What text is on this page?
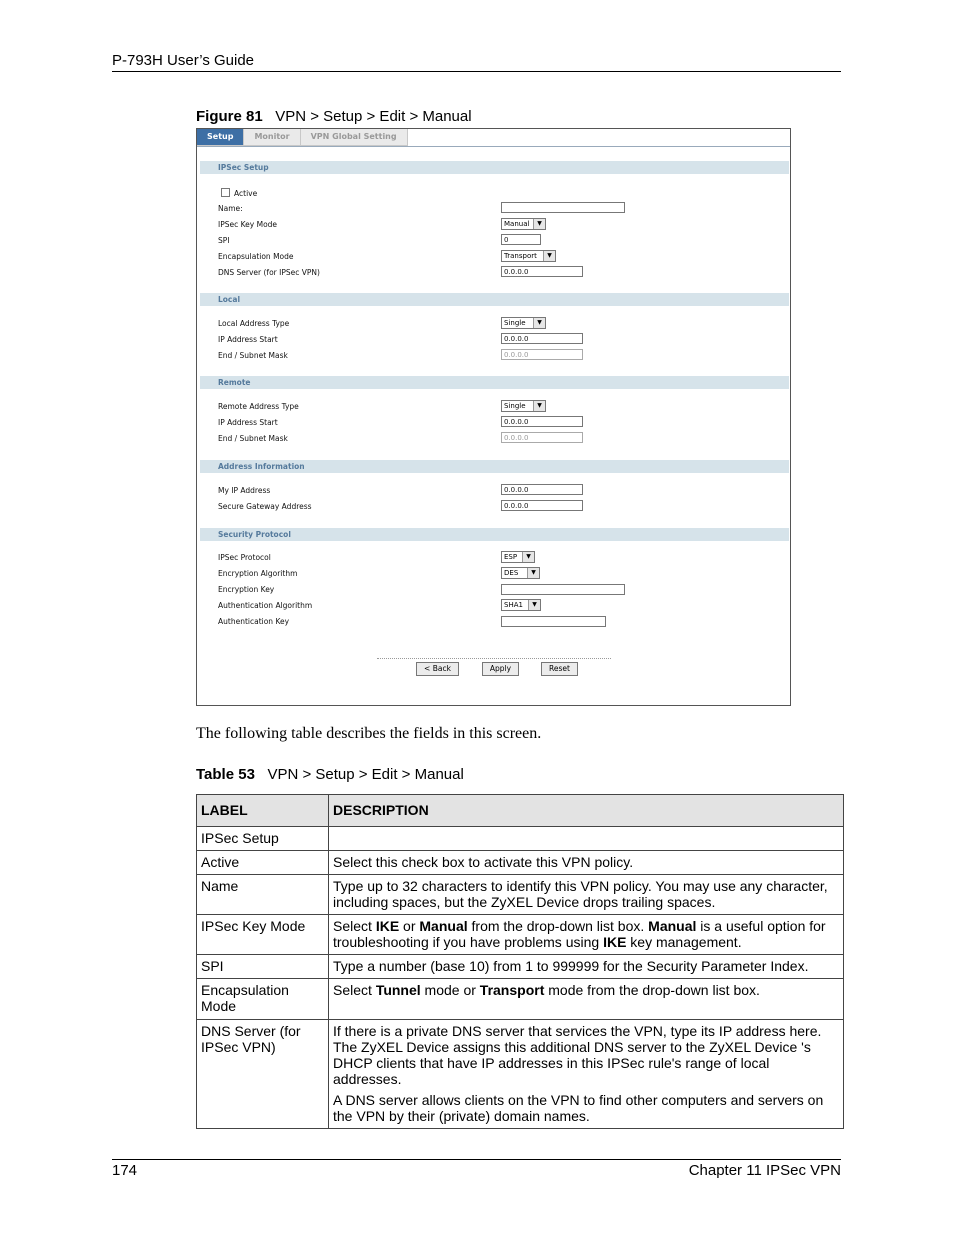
P-793H User’s Guide
Figure 81 VPN > Setup > Edit > Manual
Setup	Monitor	VPN Global Setting
IPSec Setup
Active
Name:
IPSec Key Mode	Manual	▼
SPI	0
Encapsulation Mode	Transport	▼
DNS Server (for IPSec VPN)	0.0.0.0
Local
Local Address Type	Single	▼
IP Address Start	0.0.0.0
End / Subnet Mask	0.0.0.0
Remote
Remote Address Type	Single	▼
IP Address Start	0.0.0.0
End / Subnet Mask	0.0.0.0
Address Information
My IP Address	0.0.0.0
Secure Gateway Address	0.0.0.0
Security Protocol
IPSec Protocol	ESP	▼
Encryption Algorithm	DES	▼
Encryption Key
Authentication Algorithm	SHA1	▼
Authentication Key
< Back	Apply	Reset
The following table describes the fields in this screen.
Table 53 VPN > Setup > Edit > Manual
LABEL	DESCRIPTION
IPSec Setup	
Active	Select this check box to activate this VPN policy.
Name	Type up to 32 characters to identify this VPN policy. You may use any character, including spaces, but the ZyXEL Device drops trailing spaces.
IPSec Key Mode	Select IKE or Manual from the drop-down list box. Manual is a useful option for troubleshooting if you have problems using IKE key management.
SPI	Type a number (base 10) from 1 to 999999 for the Security Parameter Index.
Encapsulation Mode	Select Tunnel mode or Transport mode from the drop-down list box.
DNS Server (for IPSec VPN)	If there is a private DNS server that services the VPN, type its IP address here. The ZyXEL Device assigns this additional DNS server to the ZyXEL Device 's DHCP clients that have IP addresses in this IPSec rule's range of local addresses.
A DNS server allows clients on the VPN to find other computers and servers on the VPN by their (private) domain names.
174	Chapter 11 IPSec VPN
